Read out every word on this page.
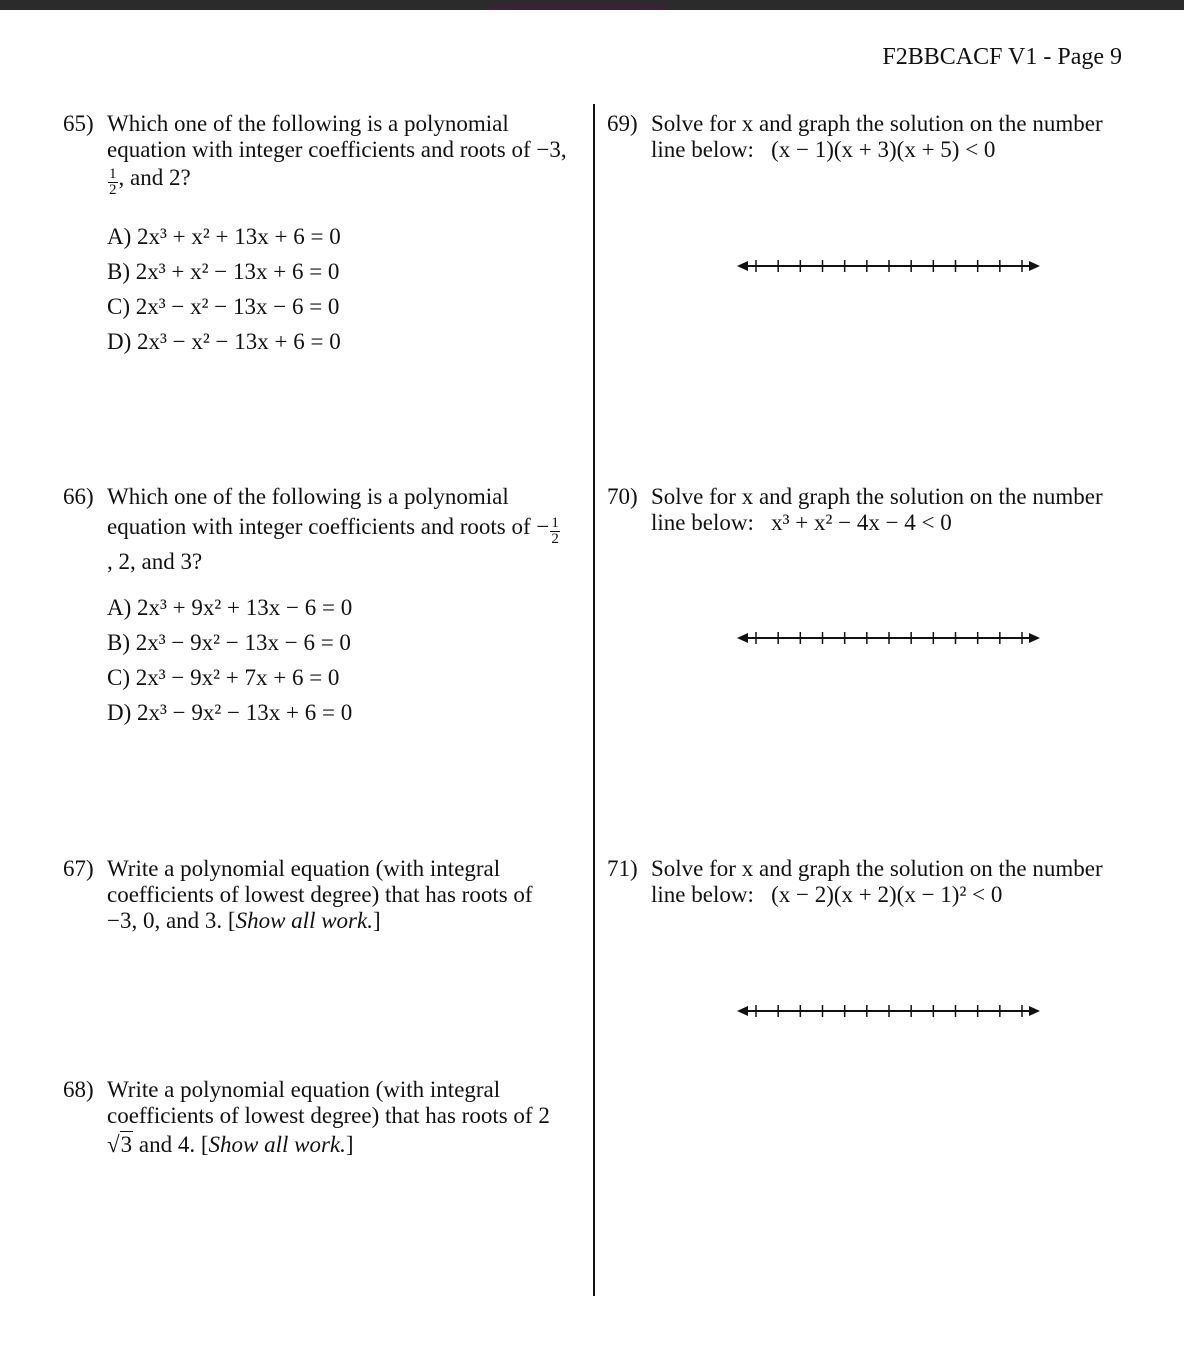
F2BBCACF V1 - Page 9
65) Which one of the following is a polynomial
equation with integer coefficients and roots of −3,
$\frac{1}{2}$ , and 2?
A) 2x³ + x² + 13x + 6 = 0
B) 2x³ + x² − 13x + 6 = 0
C) 2x³ − x² − 13x − 6 = 0
D) 2x³ − x² − 13x + 6 = 0
66) Which one of the following is a polynomial
equation with integer coefficients and roots of − $\frac{1}{2}$
, 2, and 3?
A) 2x³ + 9x² + 13x − 6 = 0
B) 2x³ − 9x² − 13x − 6 = 0
C) 2x³ − 9x² + 7x + 6 = 0
D) 2x³ − 9x² − 13x + 6 = 0
67) Write a polynomial equation (with integral
coefficients of lowest degree) that has roots of
−3, 0, and 3. [Show all work.]
68) Write a polynomial equation (with integral
coefficients of lowest degree) that has roots of 2
√3 and 4. [Show all work.]
69) Solve for x and graph the solution on the number
line below: (x − 1)(x + 3)(x + 5) < 0
70) Solve for x and graph the solution on the number
line below: x³ + x² − 4x − 4 < 0
71) Solve for x and graph the solution on the number
line below: (x − 2)(x + 2)(x − 1)² < 0
